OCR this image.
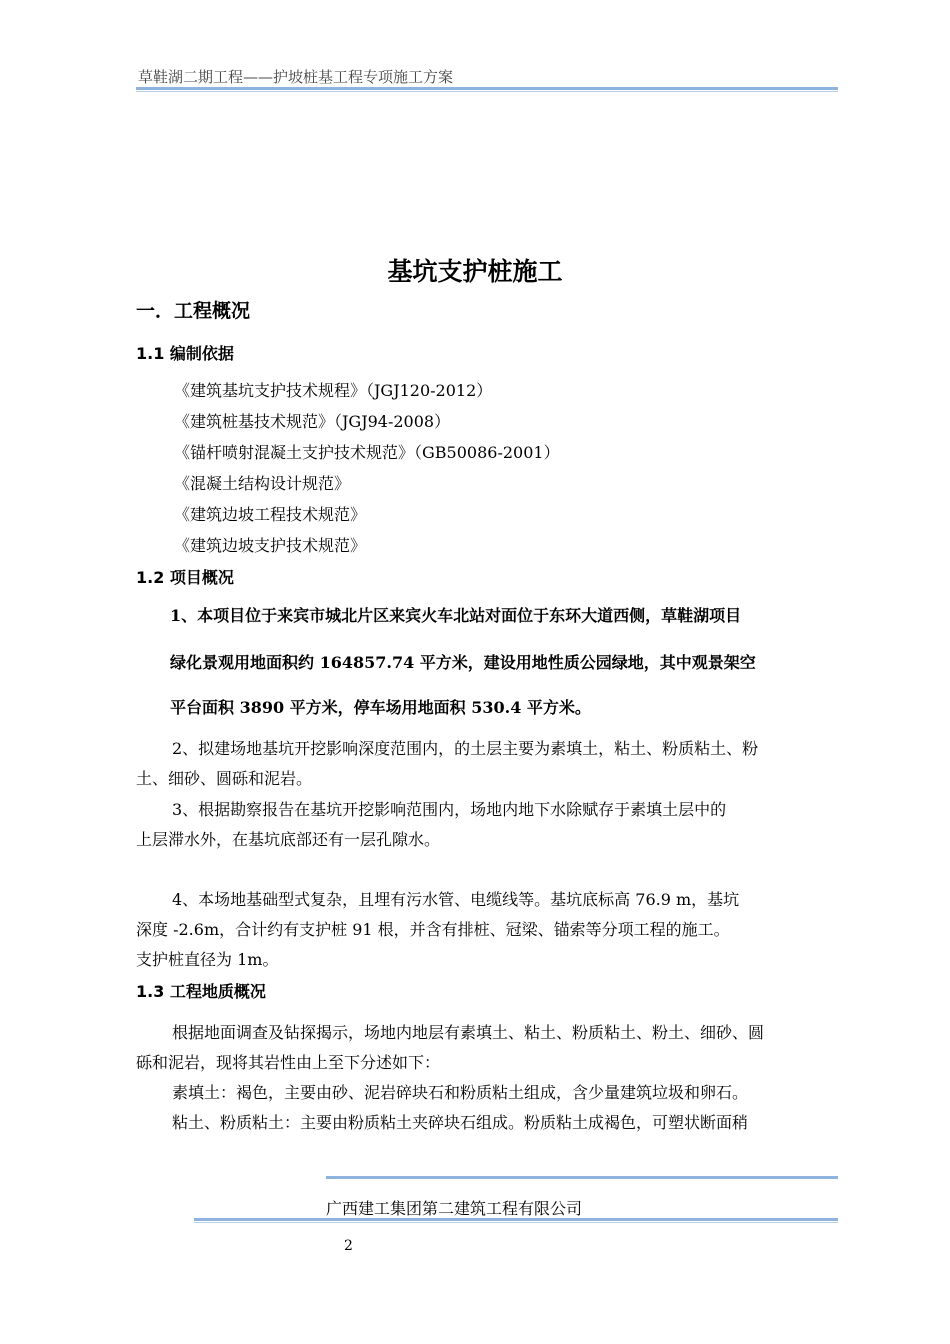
草鞋湖二期工程——护坡桩基工程专项施工方案
基坑支护桩施工
一．工程概况
1.1 编制依据
《建筑基坑支护技术规程》（JGJ120-2012）
《建筑桩基技术规范》（JGJ94-2008）
《锚杆喷射混凝土支护技术规范》（GB50086-2001）
《混凝土结构设计规范》
《建筑边坡工程技术规范》
《建筑边坡支护技术规范》
1.2 项目概况
1、本项目位于来宾市城北片区来宾火车北站对面位于东环大道西侧，草鞋湖项目
绿化景观用地面积约 164857.74 平方米，建设用地性质公园绿地，其中观景架空
平台面积 3890 平方米，停车场用地面积 530.4 平方米。
2、拟建场地基坑开挖影响深度范围内，的土层主要为素填土，粘土、粉质粘土、粉
土、细砂、圆砾和泥岩。
3、根据勘察报告在基坑开挖影响范围内，场地内地下水除赋存于素填土层中的
上层滞水外，在基坑底部还有一层孔隙水。
4、本场地基础型式复杂，且埋有污水管、电缆线等。基坑底标高 76.9 m，基坑
深度 -2.6m，合计约有支护桩 91 根，并含有排桩、冠梁、锚索等分项工程的施工。
支护桩直径为 1m。
1.3 工程地质概况
根据地面调查及钻探揭示，场地内地层有素填土、粘土、粉质粘土、粉土、细砂、圆
砾和泥岩，现将其岩性由上至下分述如下：
素填土：褐色，主要由砂、泥岩碎块石和粉质粘土组成，含少量建筑垃圾和卵石。
粘土、粉质粘土：主要由粉质粘土夹碎块石组成。粉质粘土成褐色，可塑状断面稍
广西建工集团第二建筑工程有限公司
2
